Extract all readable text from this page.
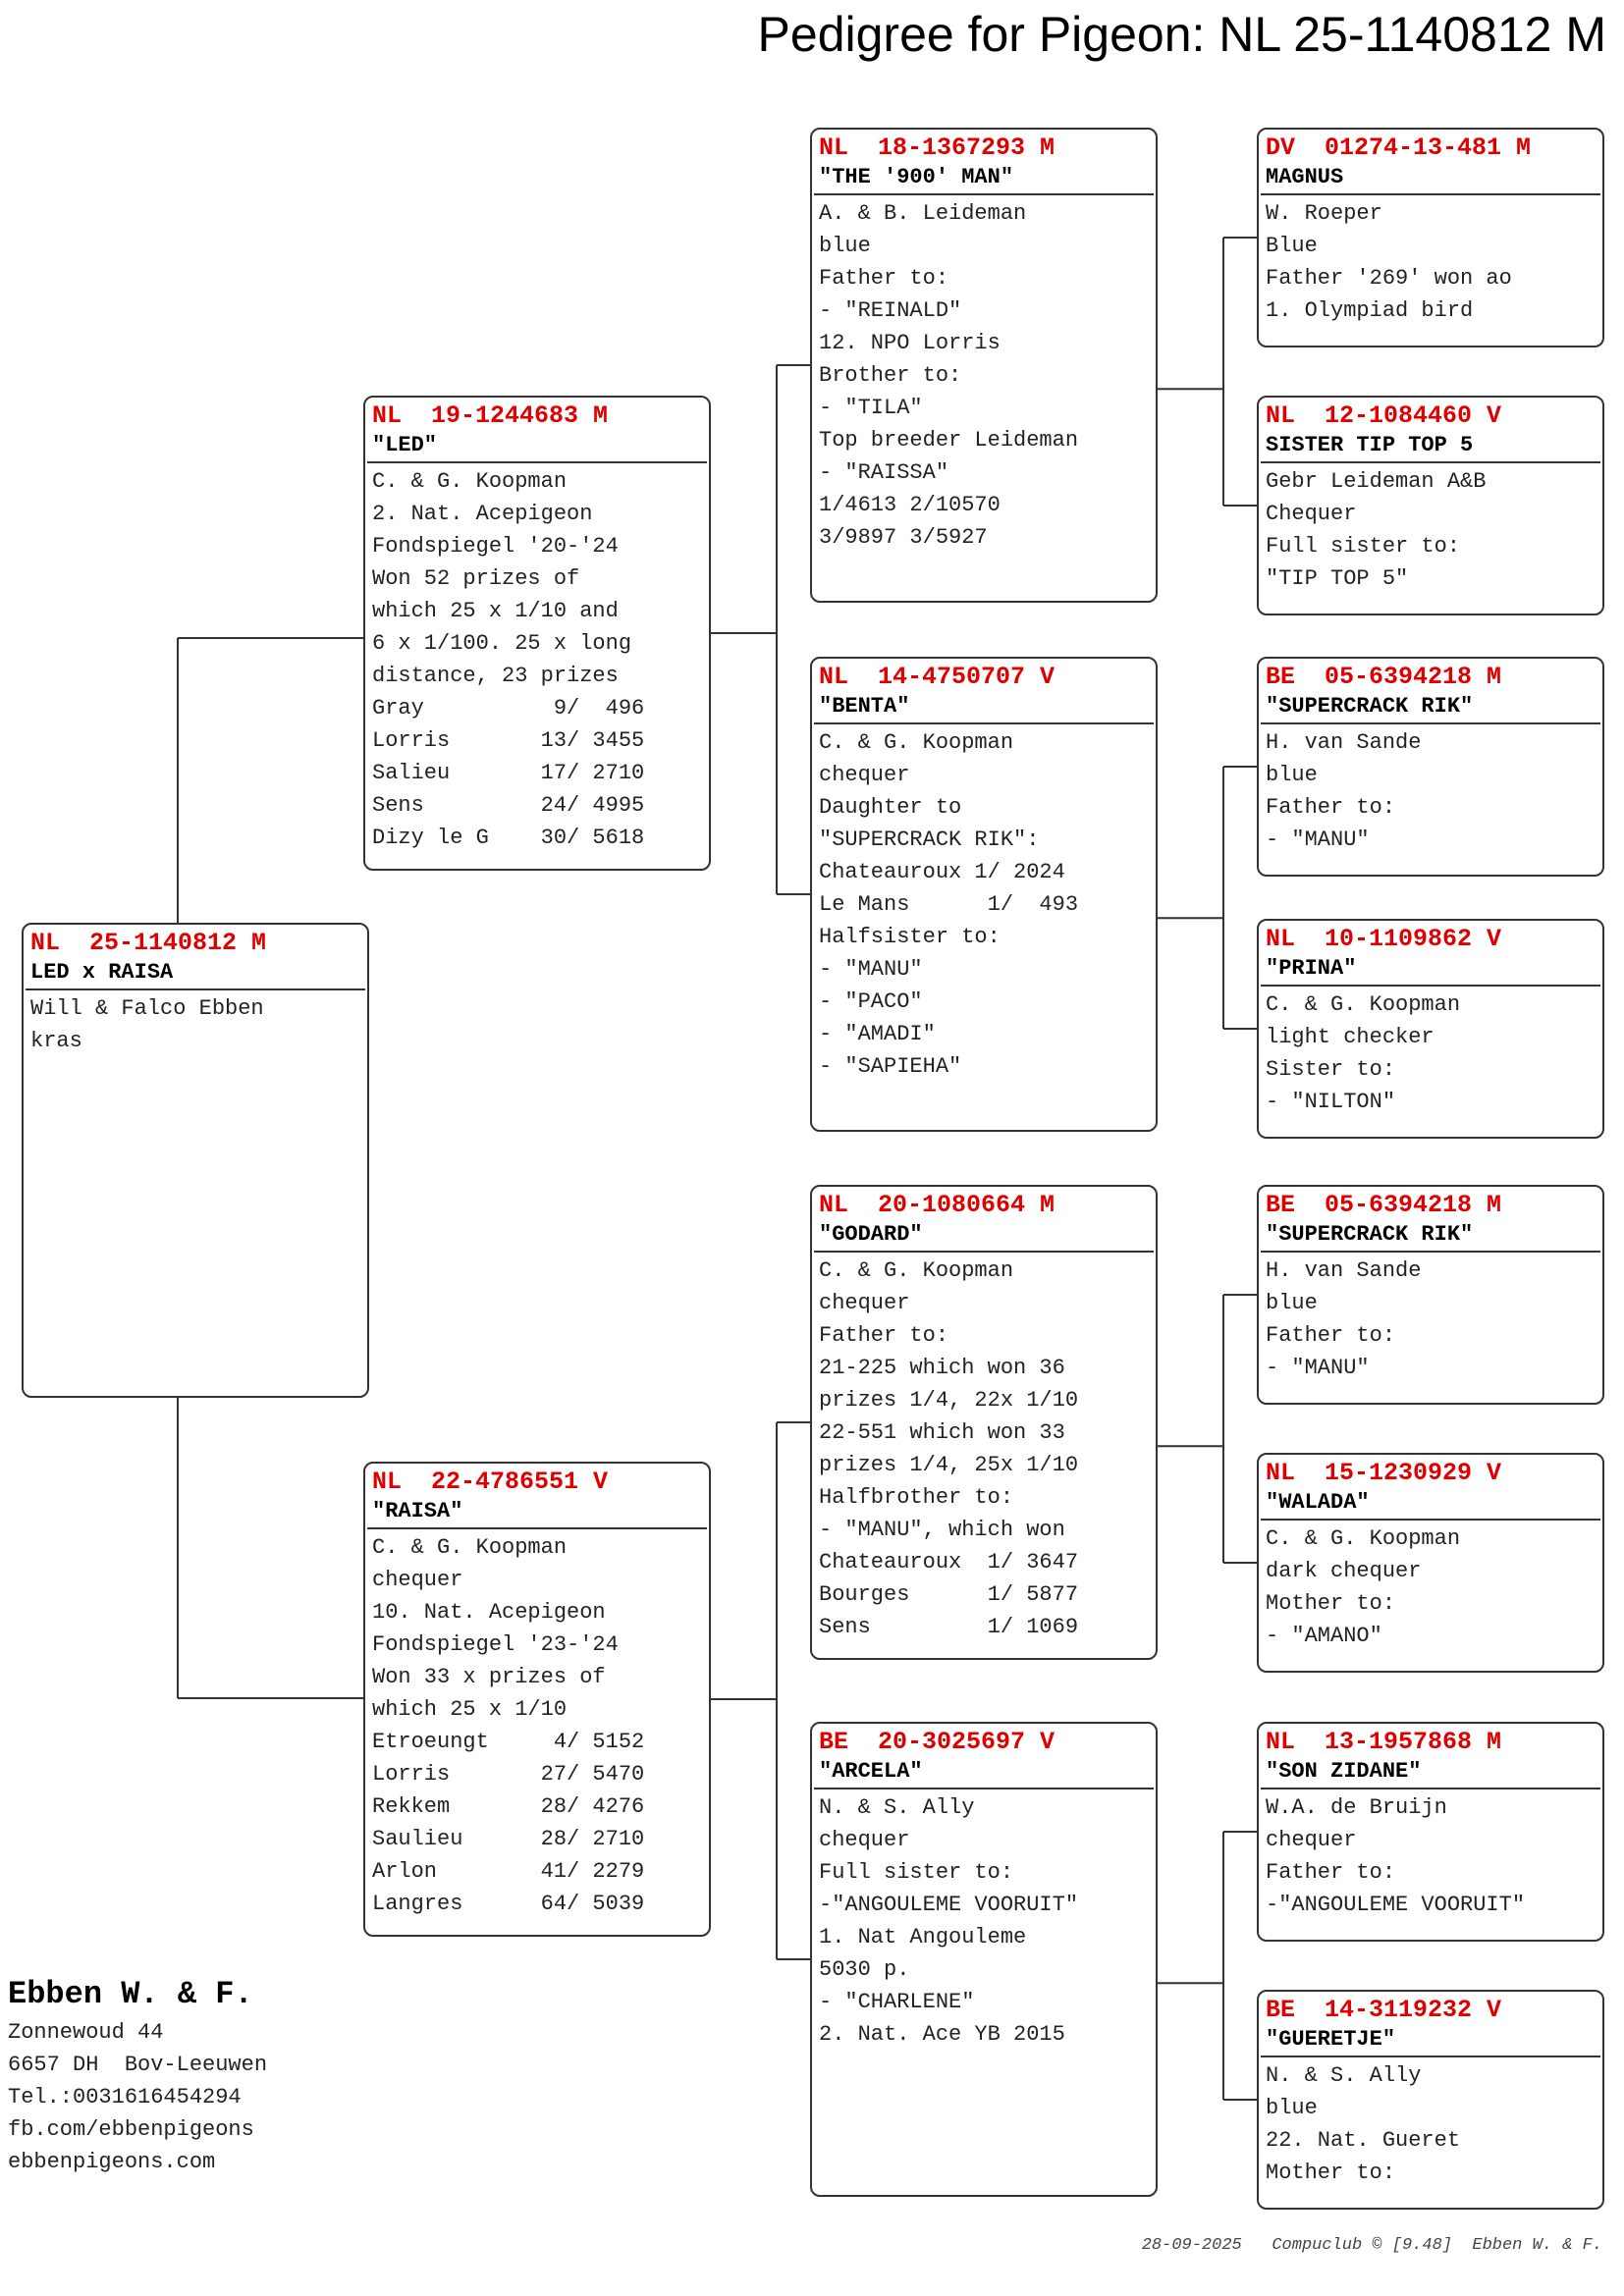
Pedigree for Pigeon: NL 25-1140812 M
NL  25-1140812 M
LED x RAISA
Will & Falco Ebben
kras
NL  19-1244683 M
"LED"
C. & G. Koopman
2. Nat. Acepigeon
Fondspiegel '20-'24
Won 52 prizes of
which 25 x 1/10 and
6 x 1/100. 25 x long
distance, 23 prizes
Gray          9/  496
Lorris       13/ 3455
Salieu       17/ 2710
Sens         24/ 4995
Dizy le G    30/ 5618
NL  22-4786551 V
"RAISA"
C. & G. Koopman
chequer
10. Nat. Acepigeon
Fondspiegel '23-'24
Won 33 x prizes of
which 25 x 1/10
Etroeungt     4/ 5152
Lorris       27/ 5470
Rekkem       28/ 4276
Saulieu      28/ 2710
Arlon        41/ 2279
Langres      64/ 5039
NL  18-1367293 M
"THE '900' MAN"
A. & B. Leideman
blue
Father to:
- "REINALD"
12. NPO Lorris
Brother to:
- "TILA"
Top breeder Leideman
- "RAISSA"
1/4613 2/10570
3/9897 3/5927
NL  14-4750707 V
"BENTA"
C. & G. Koopman
chequer
Daughter to
"SUPERCRACK RIK":
Chateauroux 1/ 2024
Le Mans      1/  493
Halfsister to:
- "MANU"
- "PACO"
- "AMADI"
- "SAPIEHA"
NL  20-1080664 M
"GODARD"
C. & G. Koopman
chequer
Father to:
21-225 which won 36
prizes 1/4, 22x 1/10
22-551 which won 33
prizes 1/4, 25x 1/10
Halfbrother to:
- "MANU", which won
Chateauroux  1/ 3647
Bourges      1/ 5877
Sens         1/ 1069
BE  20-3025697 V
"ARCELA"
N. & S. Ally
chequer
Full sister to:
-"ANGOULEME VOORUIT"
1. Nat Angouleme
5030 p.
- "CHARLENE"
2. Nat. Ace YB 2015
DV  01274-13-481 M
MAGNUS
W. Roeper
Blue
Father '269' won ao
1. Olympiad bird
NL  12-1084460 V
SISTER TIP TOP 5
Gebr Leideman A&B
Chequer
Full sister to:
"TIP TOP 5"
BE  05-6394218 M
"SUPERCRACK RIK"
H. van Sande
blue
Father to:
- "MANU"
NL  10-1109862 V
"PRINA"
C. & G. Koopman
light checker
Sister to:
- "NILTON"
BE  05-6394218 M
"SUPERCRACK RIK"
H. van Sande
blue
Father to:
- "MANU"
NL  15-1230929 V
"WALADA"
C. & G. Koopman
dark chequer
Mother to:
- "AMANO"
NL  13-1957868 M
"SON ZIDANE"
W.A. de Bruijn
chequer
Father to:
-"ANGOULEME VOORUIT"
BE  14-3119232 V
"GUERETJE"
N. & S. Ally
blue
22. Nat. Gueret
Mother to:
Ebben W. & F.
Zonnewoud 44
6657 DH  Bov-Leeuwen
Tel.:0031616454294
fb.com/ebbenpigeons
ebbenpigeons.com
28-09-2025   Compuclub © [9.48]  Ebben W. & F.
